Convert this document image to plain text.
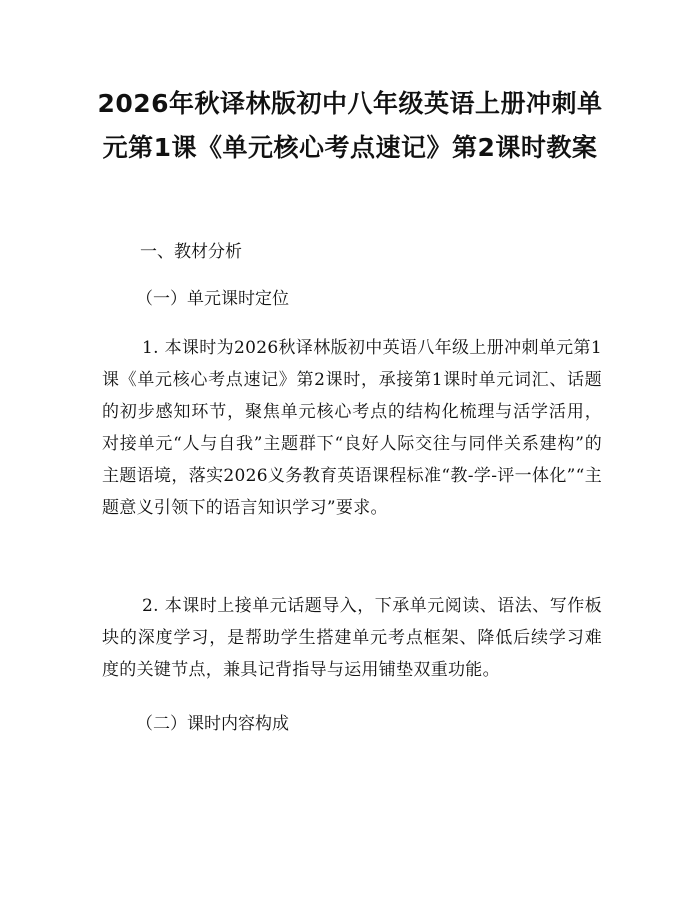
2026年秋译林版初中八年级英语上册冲刺单元第1课《单元核心考点速记》第2课时教案

一、教材分析

（一）单元课时定位

1. 本课时为2026秋译林版初中英语八年级上册冲刺单元第1课《单元核心考点速记》第2课时，承接第1课时单元词汇、话题的初步感知环节，聚焦单元核心考点的结构化梳理与活学活用，对接单元“人与自我”主题群下“良好人际交往与同伴关系建构”的主题语境，落实2026义务教育英语课程标准“教-学-评一体化”“主题意义引领下的语言知识学习”要求。

2. 本课时上接单元话题导入，下承单元阅读、语法、写作板块的深度学习，是帮助学生搭建单元考点框架、降低后续学习难度的关键节点，兼具记背指导与运用铺垫双重功能。

（二）课时内容构成
